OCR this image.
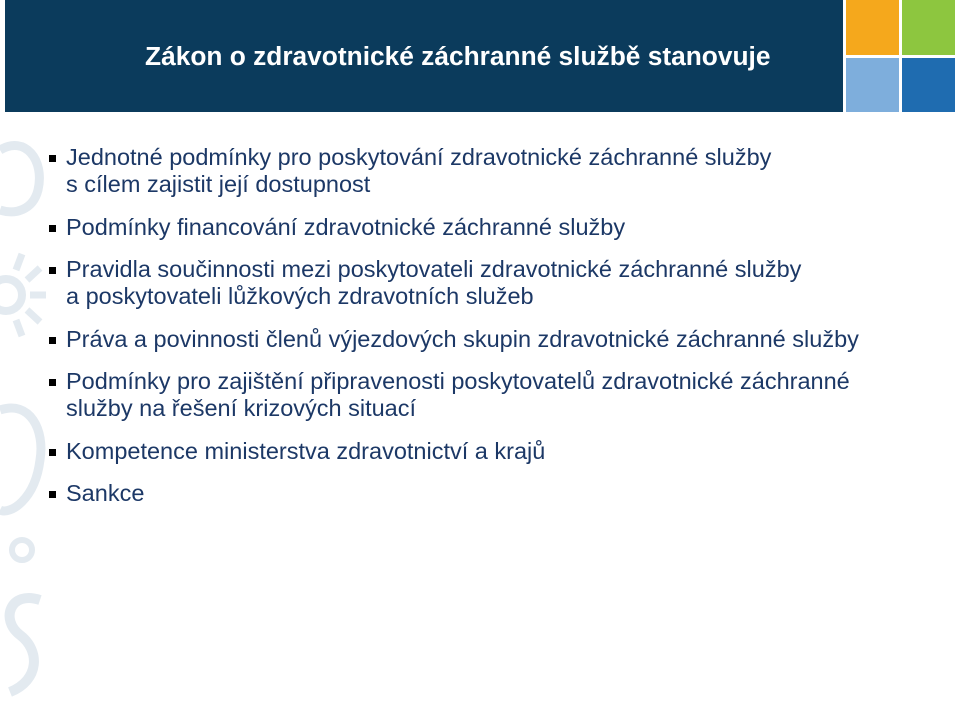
Zákon o zdravotnické záchranné službě stanovuje
Jednotné podmínky pro poskytování zdravotnické záchranné služby
s cílem zajistit její dostupnost
Podmínky financování zdravotnické záchranné služby
Pravidla součinnosti mezi poskytovateli zdravotnické záchranné služby
a poskytovateli lůžkových zdravotních služeb
Práva a povinnosti členů výjezdových skupin zdravotnické záchranné služby
Podmínky pro zajištění připravenosti poskytovatelů zdravotnické záchranné
služby na řešení krizových situací
Kompetence ministerstva zdravotnictví a krajů
Sankce
